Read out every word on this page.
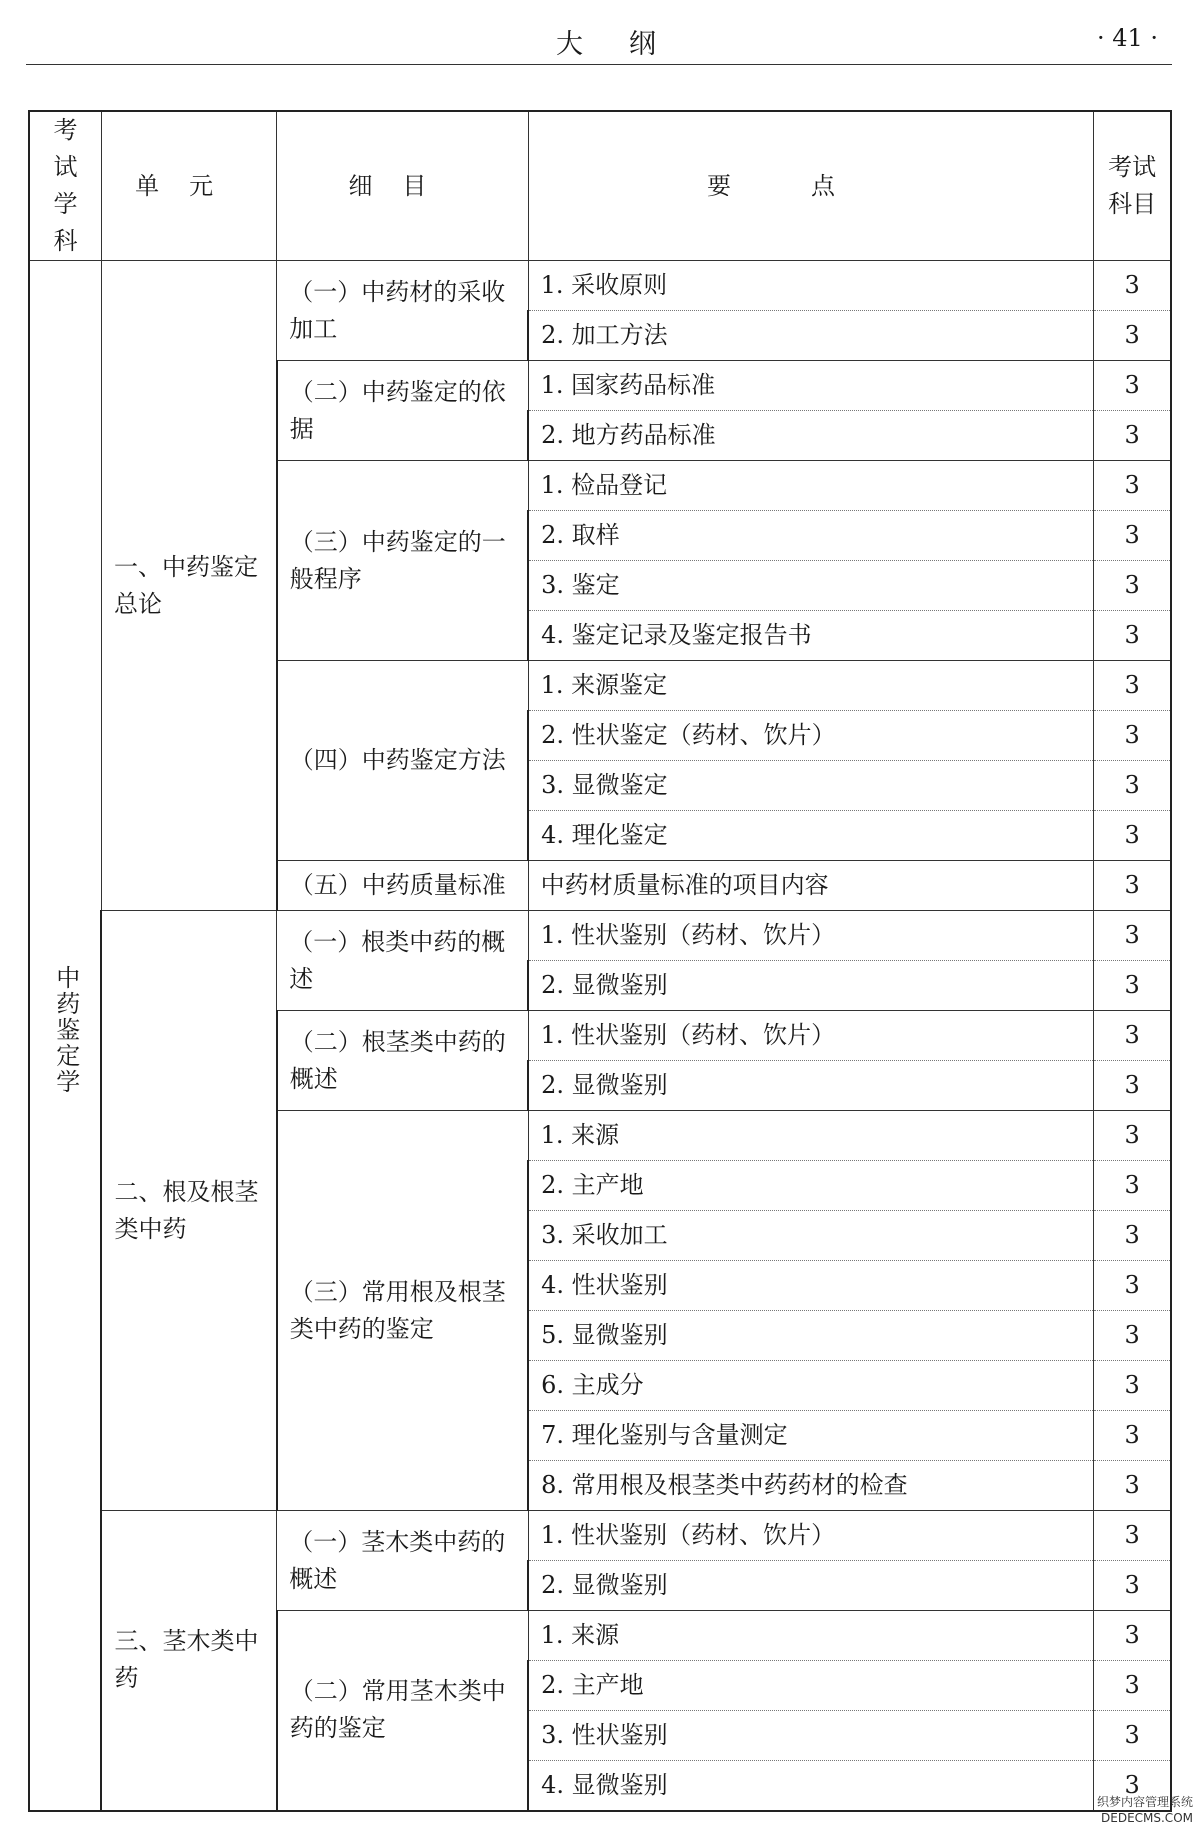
大纲	· 41 ·
考试学科	单元	细目	要点	考试科目
中药鉴定学	一、中药鉴定总论	（一）中药材的采收加工	1. 采收原则	3
			2. 加工方法	3
		（二）中药鉴定的依据	1. 国家药品标准	3
			2. 地方药品标准	3
		（三）中药鉴定的一般程序	1. 检品登记	3
			2. 取样	3
			3. 鉴定	3
			4. 鉴定记录及鉴定报告书	3
		（四）中药鉴定方法	1. 来源鉴定	3
			2. 性状鉴定（药材、饮片）	3
			3. 显微鉴定	3
			4. 理化鉴定	3
		（五）中药质量标准	中药材质量标准的项目内容	3
	二、根及根茎类中药	（一）根类中药的概述	1. 性状鉴别（药材、饮片）	3
			2. 显微鉴别	3
		（二）根茎类中药的概述	1. 性状鉴别（药材、饮片）	3
			2. 显微鉴别	3
		（三）常用根及根茎类中药的鉴定	1. 来源	3
			2. 主产地	3
			3. 采收加工	3
			4. 性状鉴别	3
			5. 显微鉴别	3
			6. 主成分	3
			7. 理化鉴别与含量测定	3
			8. 常用根及根茎类中药药材的检查	3
	三、茎木类中药	（一）茎木类中药的概述	1. 性状鉴别（药材、饮片）	3
			2. 显微鉴别	3
		（二）常用茎木类中药的鉴定	1. 来源	3
			2. 主产地	3
			3. 性状鉴别	3
			4. 显微鉴别	3
织梦内容管理系统
DEDECMS.COM
